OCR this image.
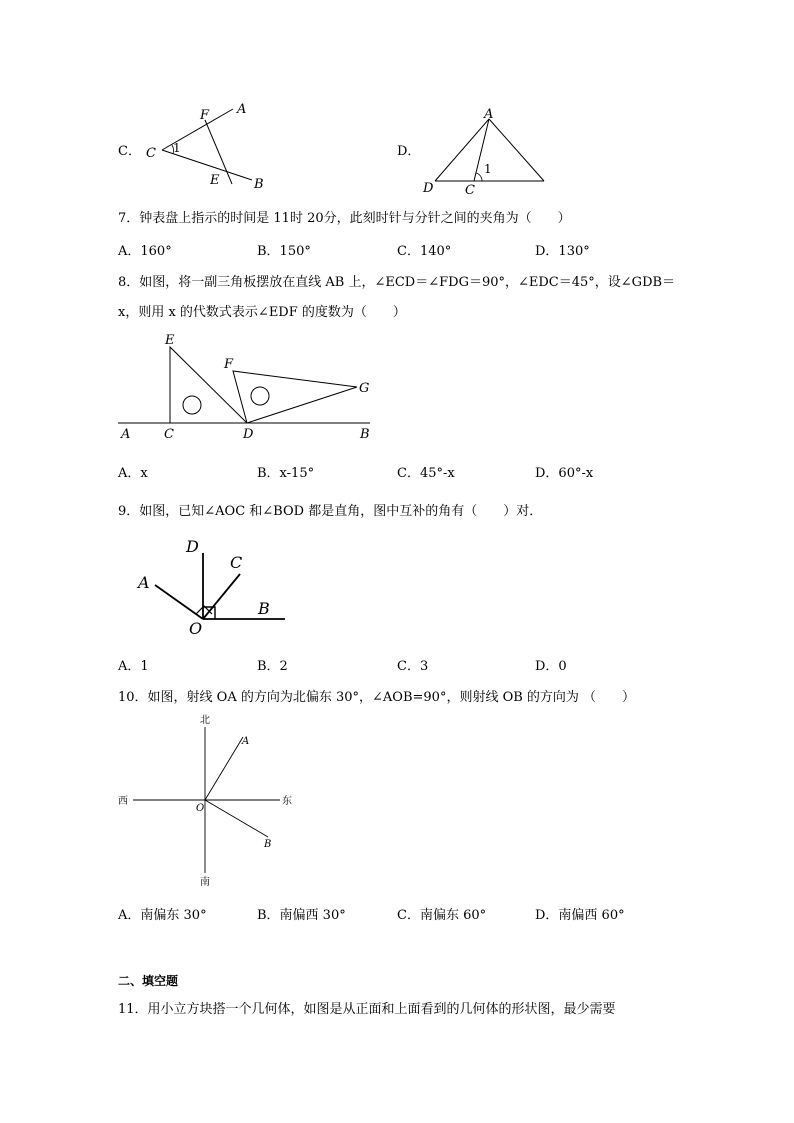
C． C
F A
E	B
1	D．
A
D C
1
7．钟表盘上指示的时间是 11时 20分，此刻时针与分针之间的夹角为（　　）
A．160°	B．150°	C．140°	D．130°
8．如图，将一副三角板摆放在直线 AB 上，∠ECD＝∠FDG＝90°，∠EDC＝45°，设∠GDB＝
x，则用 x 的代数式表示∠EDF 的度数为（　　）
E
F
G
A	C	D	B
A．x	B．x-15°	C．45°-x	D．60°-x
9．如图，已知∠AOC 和∠BOD 都是直角，图中互补的角有（　　）对．
D
C
A
B
O
A．1	B．2	C．3	D．0
10．如图，射线 OA 的方向为北偏东 30°，∠AOB=90°，则射线 OB 的方向为 （　　）
北
南
西	东
O
A
B
A．南偏东 30°	B．南偏西 30°	C．南偏东 60°	D．南偏西 60°
二、填空题
11．用小立方块搭一个几何体，如图是从正面和上面看到的几何体的形状图，最少需要
